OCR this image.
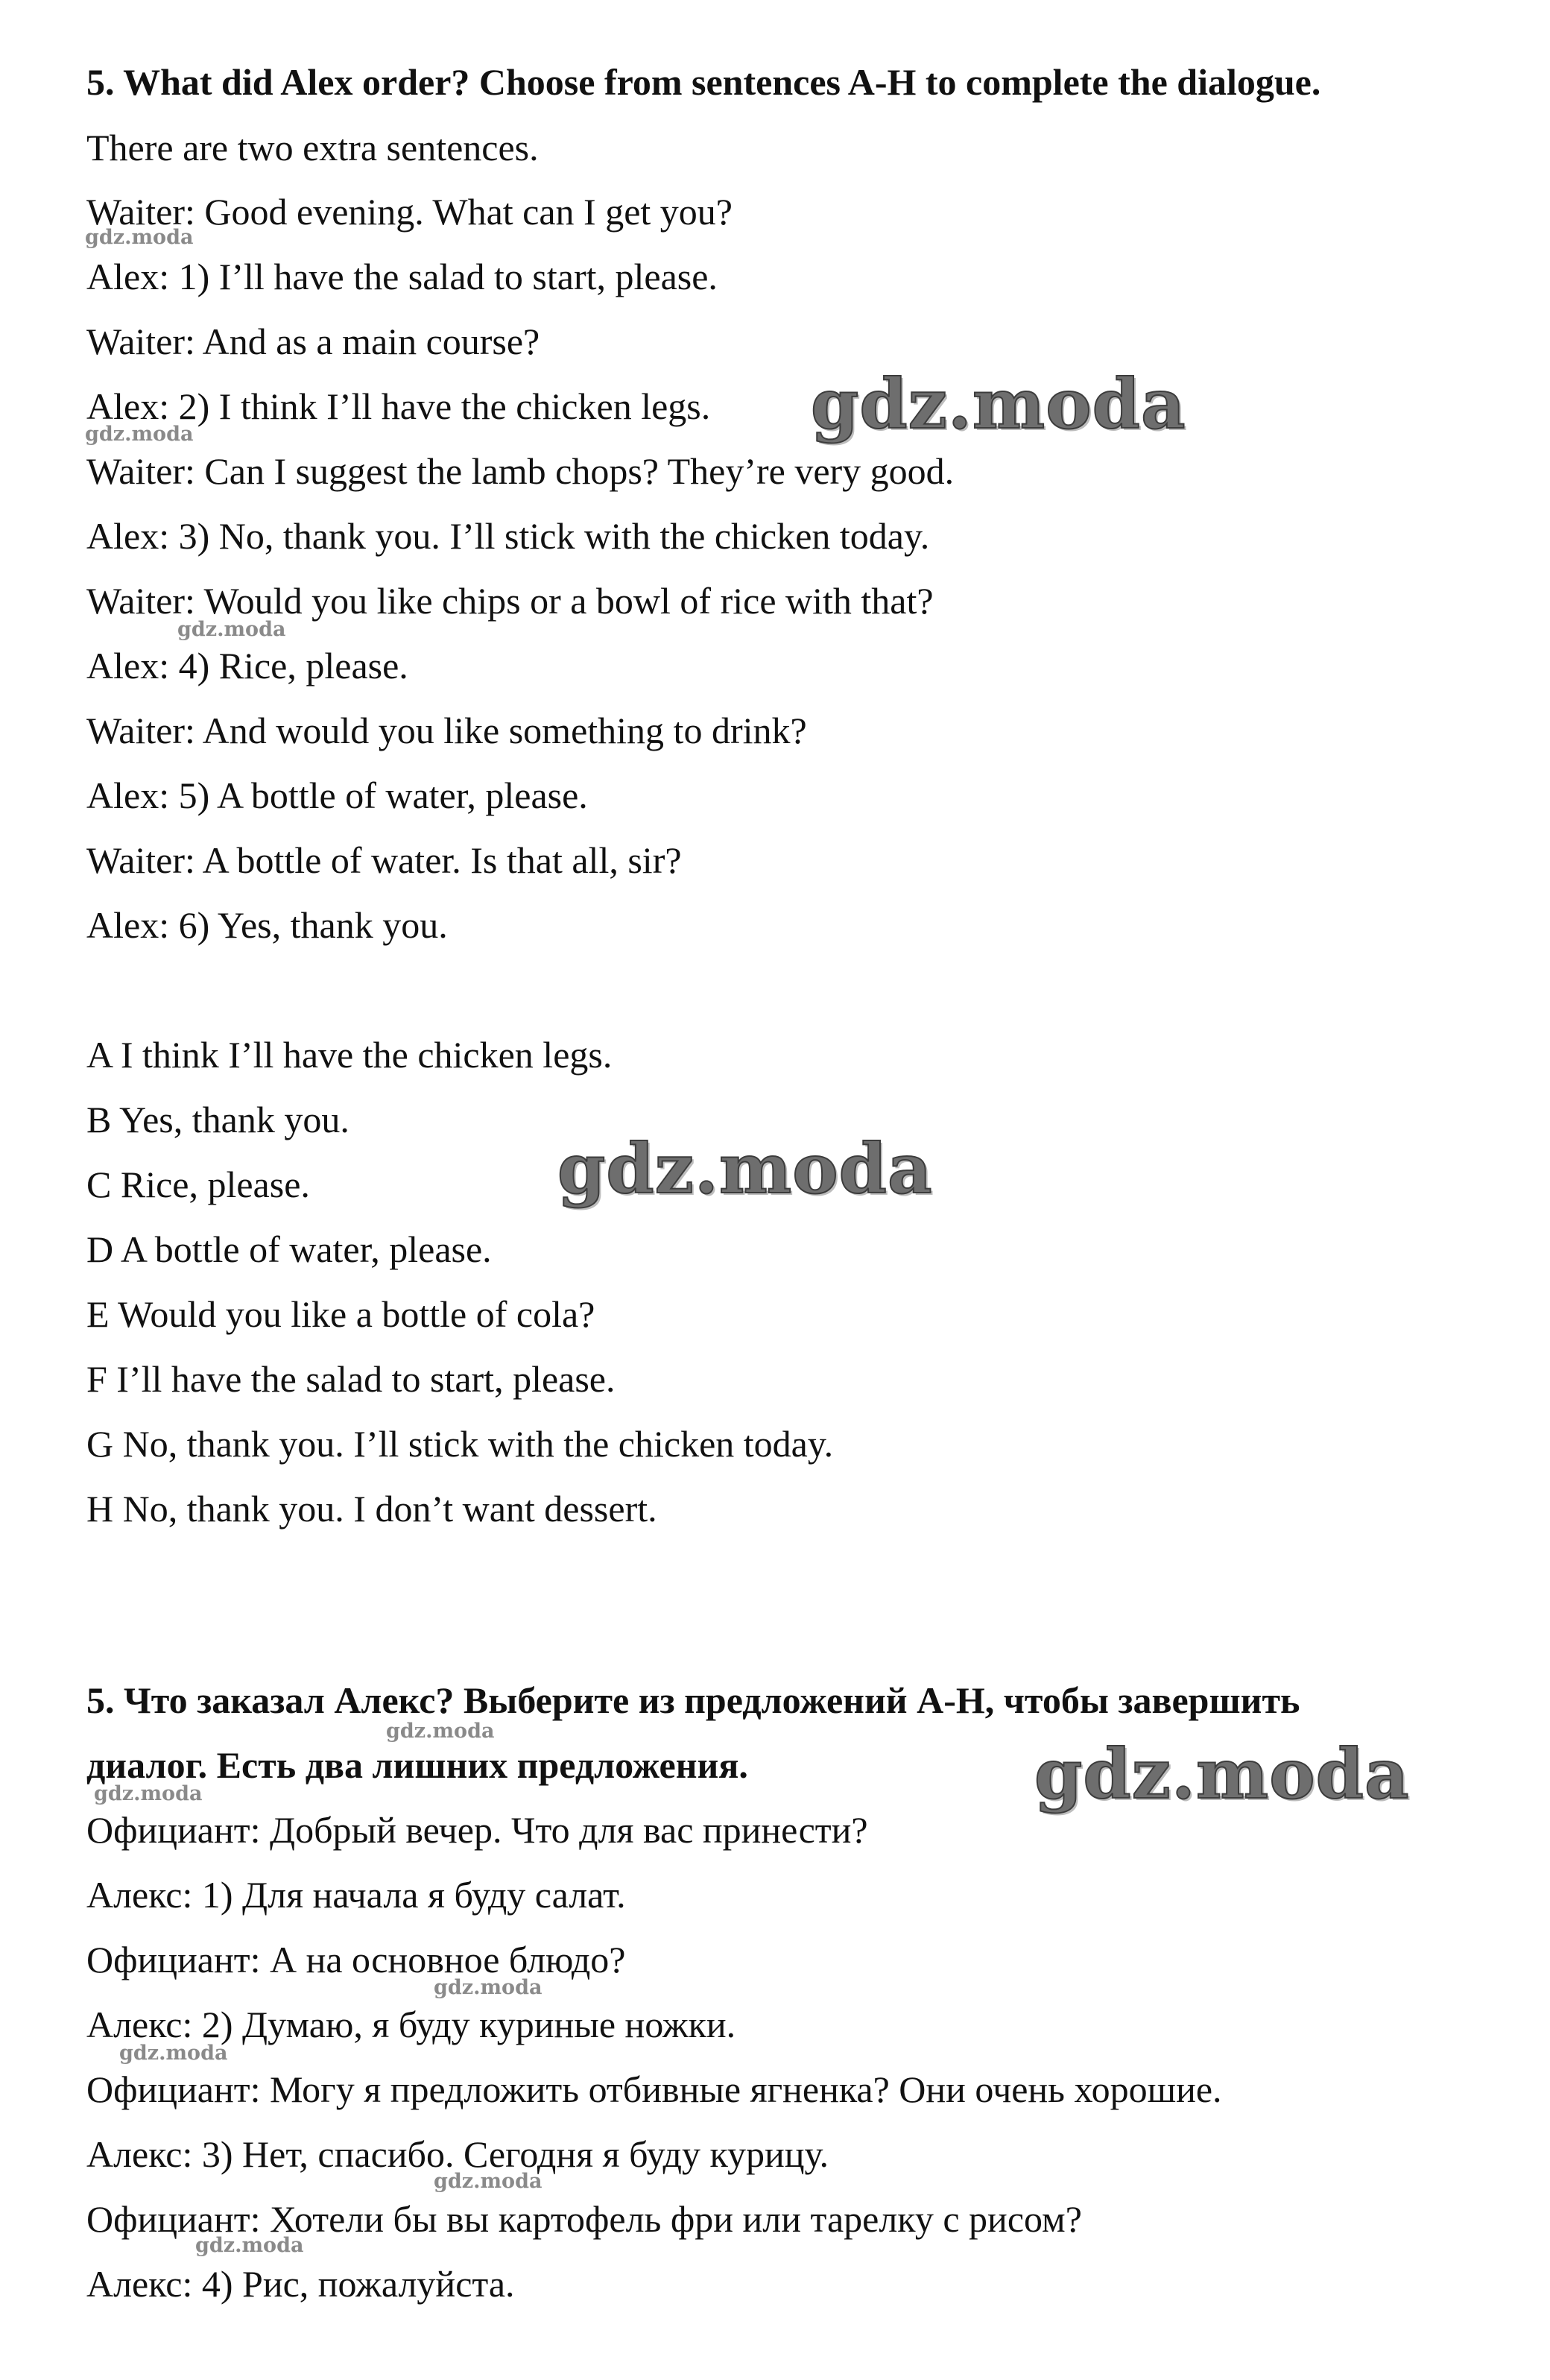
5. What did Alex order? Choose from sentences A-H to complete the dialogue.
There are two extra sentences.
Waiter: Good evening. What can I get you?
Alex: 1) I’ll have the salad to start, please.
Waiter: And as a main course?
Alex: 2) I think I’ll have the chicken legs.
Waiter: Can I suggest the lamb chops? They’re very good.
Alex: 3) No, thank you. I’ll stick with the chicken today.
Waiter: Would you like chips or a bowl of rice with that?
Alex: 4) Rice, please.
Waiter: And would you like something to drink?
Alex: 5) A bottle of water, please.
Waiter: A bottle of water. Is that all, sir?
Alex: 6) Yes, thank you.
A I think I’ll have the chicken legs.
B Yes, thank you.
C Rice, please.
D A bottle of water, please.
E Would you like a bottle of cola?
F I’ll have the salad to start, please.
G No, thank you. I’ll stick with the chicken today.
H No, thank you. I don’t want dessert.
5. Что заказал Алекс? Выберите из предложений A-H, чтобы завершить
диалог. Есть два лишних предложения.
Официант: Добрый вечер. Что для вас принести?
Алекс: 1) Для начала я буду салат.
Официант: А на основное блюдо?
Алекс: 2) Думаю, я буду куриные ножки.
Официант: Могу я предложить отбивные ягненка? Они очень хорошие.
Алекс: 3) Нет, спасибо. Сегодня я буду курицу.
Официант: Хотели бы вы картофель фри или тарелку с рисом?
Алекс: 4) Рис, пожалуйста.
gdz.moda
gdz.moda
gdz.moda
gdz.moda
gdz.moda
gdz.moda
gdz.moda
gdz.moda
gdz.moda
gdz.moda
gdz.moda
gdz.moda
